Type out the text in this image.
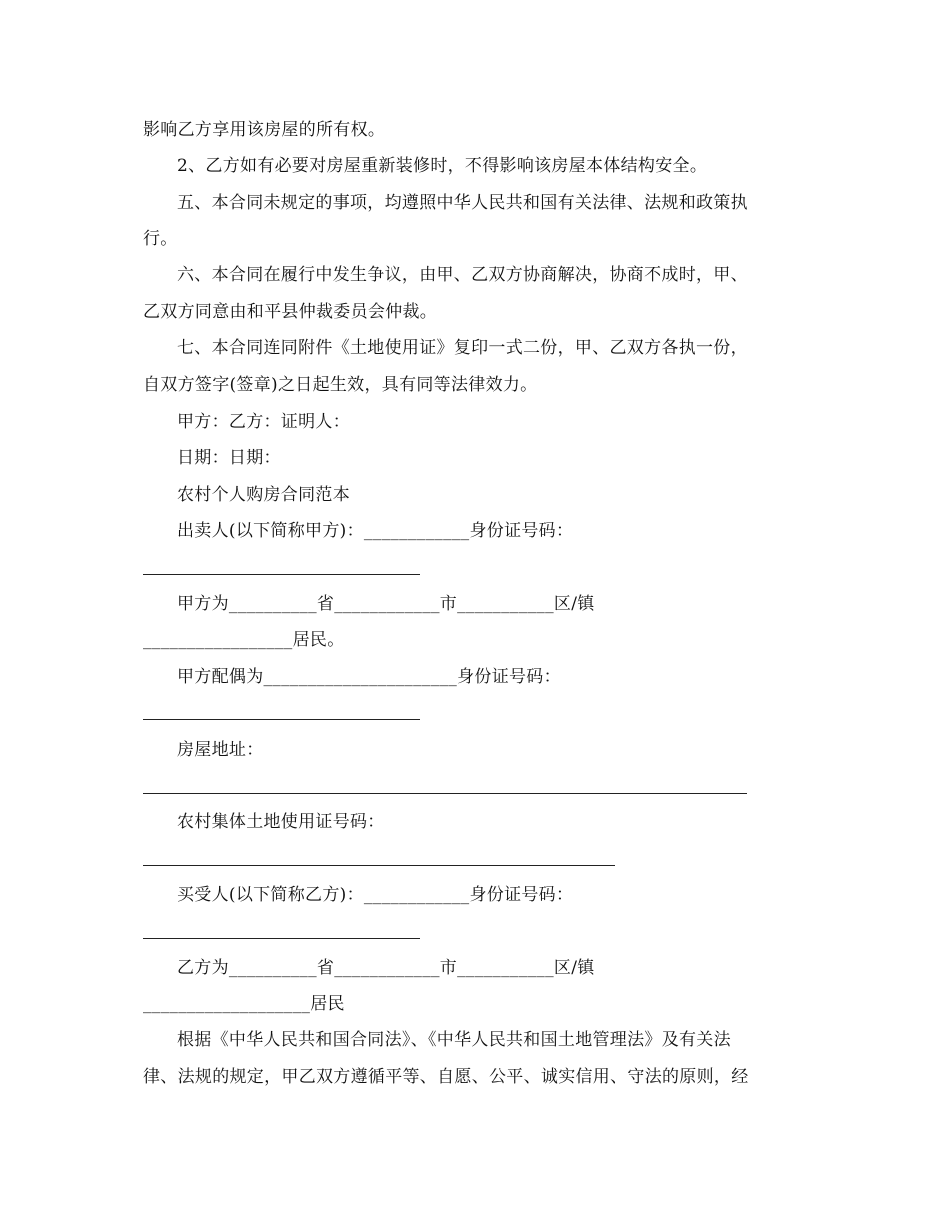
影响乙方享用该房屋的所有权。
2、乙方如有必要对房屋重新装修时，不得影响该房屋本体结构安全。
五、本合同未规定的事项，均遵照中华人民共和国有关法律、法规和政策执
行。
六、本合同在履行中发生争议，由甲、乙双方协商解决，协商不成时，甲、
乙双方同意由和平县仲裁委员会仲裁。
七、本合同连同附件《土地使用证》复印一式二份，甲、乙双方各执一份，
自双方签字(签章)之日起生效，具有同等法律效力。
甲方：乙方：证明人：
日期：日期：
农村个人购房合同范本
出卖人(以下简称甲方)：____________身份证号码：
甲方为__________省____________市___________区/镇
_________________居民。
甲方配偶为______________________身份证号码：
房屋地址：
农村集体土地使用证号码：
买受人(以下简称乙方)：____________身份证号码：
乙方为__________省____________市___________区/镇
___________________居民
根据《中华人民共和国合同法》、《中华人民共和国土地管理法》及有关法
律、法规的规定，甲乙双方遵循平等、自愿、公平、诚实信用、守法的原则，经
